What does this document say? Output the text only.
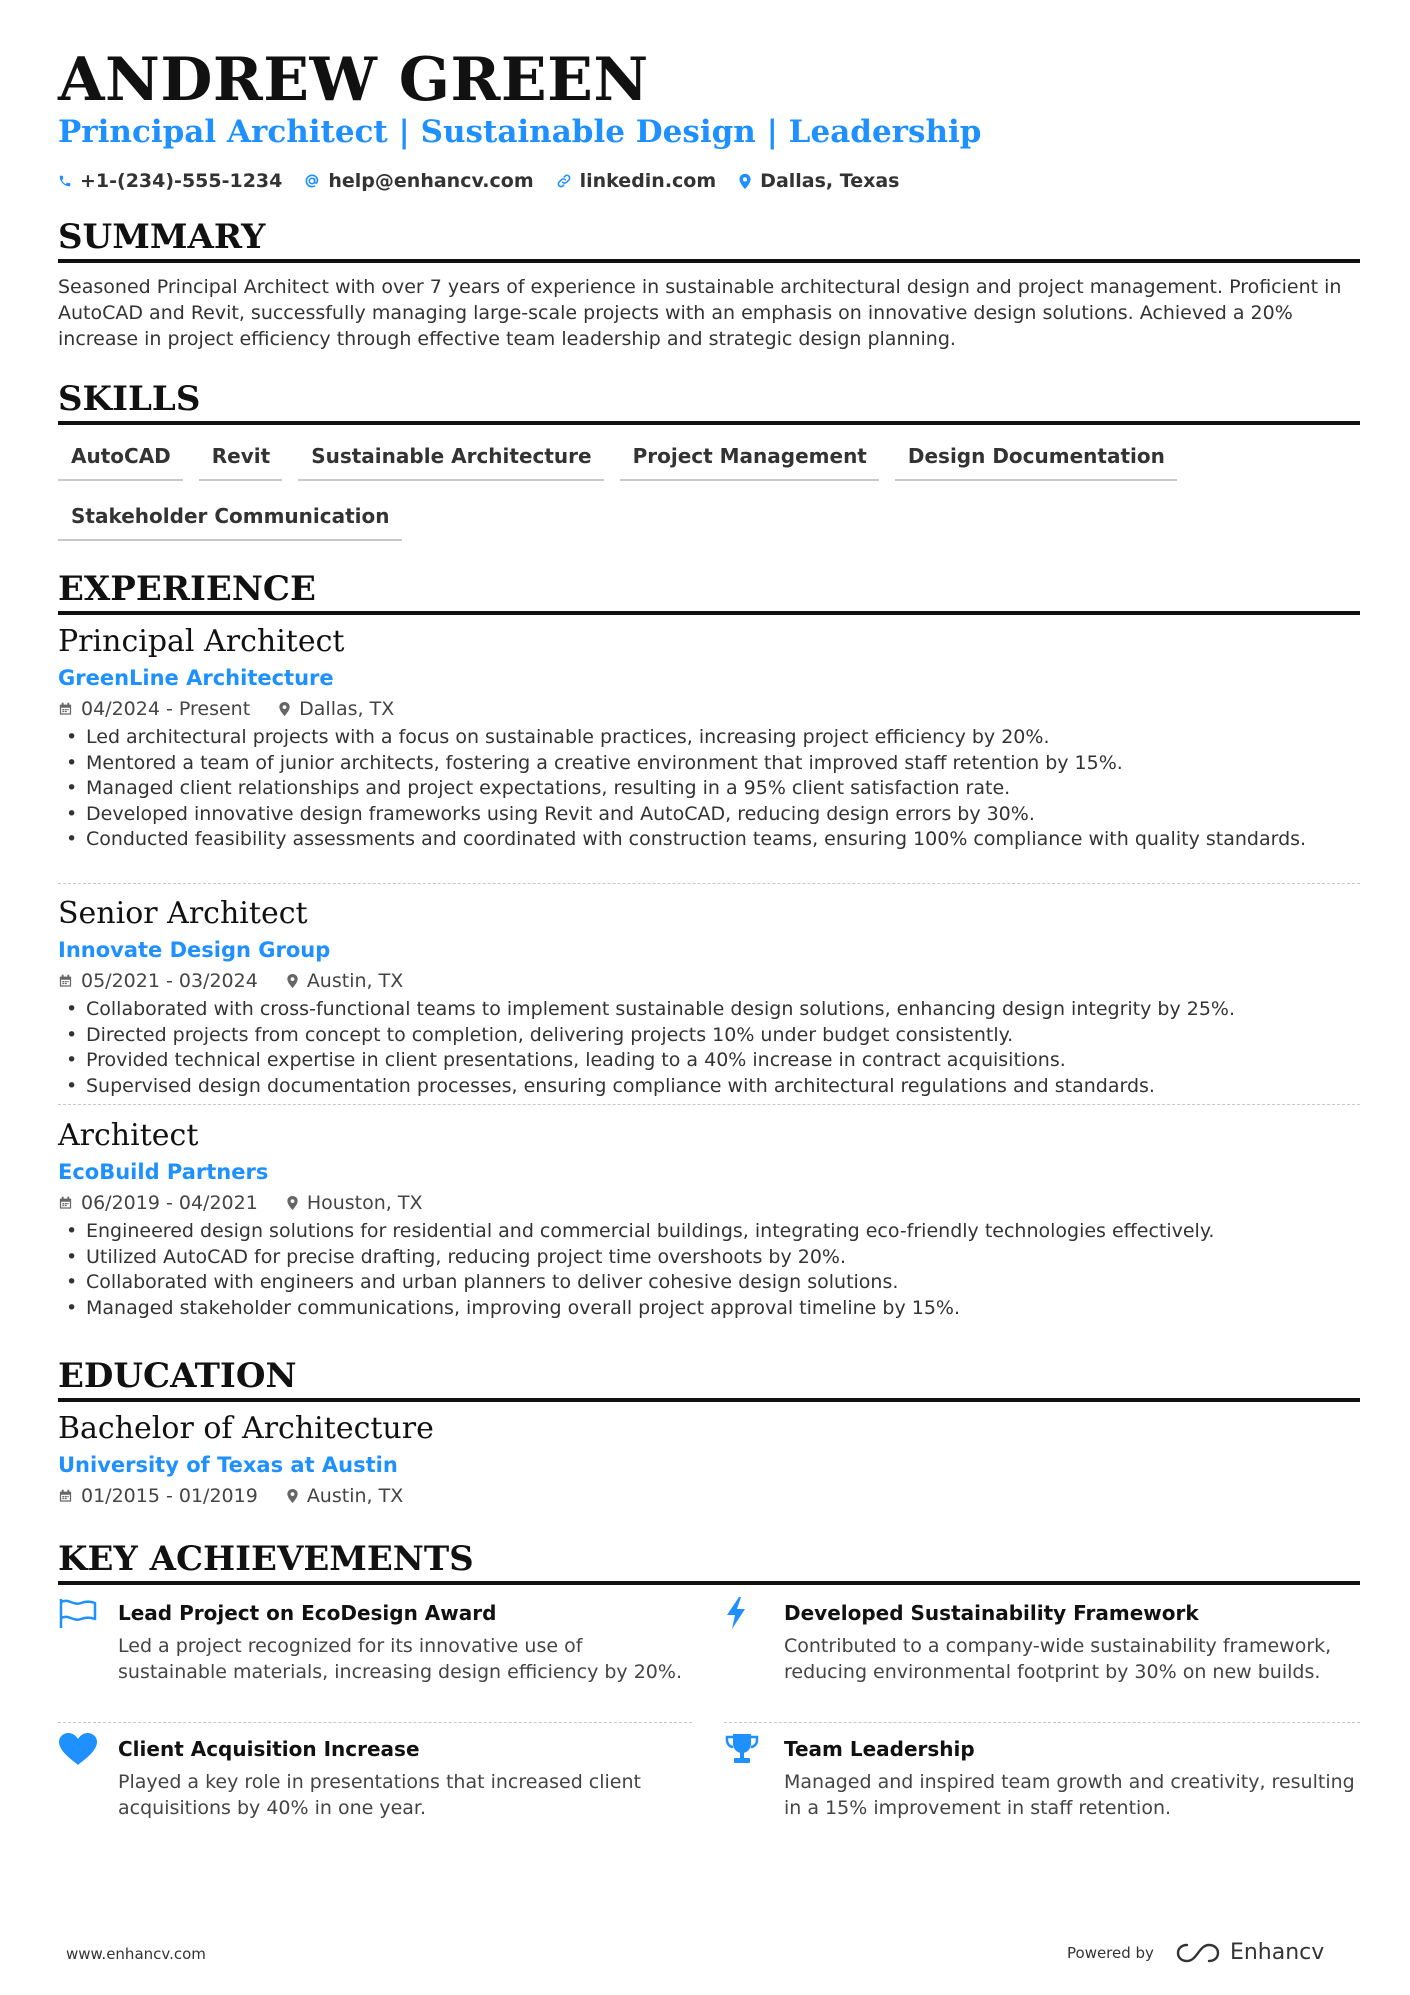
ANDREW GREEN
Principal Architect | Sustainable Design | Leadership
+1-(234)-555-1234 help@enhancv.com linkedin.com Dallas, Texas
SUMMARY
Seasoned Principal Architect with over 7 years of experience in sustainable architectural design and project management. Proficient in AutoCAD and Revit, successfully managing large-scale projects with an emphasis on innovative design solutions. Achieved a 20% increase in project efficiency through effective team leadership and strategic design planning.
SKILLS
AutoCAD	Revit	Sustainable Architecture	Project Management	Design Documentation
Stakeholder Communication
EXPERIENCE
Principal Architect
GreenLine Architecture
04/2024 - Present	Dallas, TX
• Led architectural projects with a focus on sustainable practices, increasing project efficiency by 20%.
• Mentored a team of junior architects, fostering a creative environment that improved staff retention by 15%.
• Managed client relationships and project expectations, resulting in a 95% client satisfaction rate.
• Developed innovative design frameworks using Revit and AutoCAD, reducing design errors by 30%.
• Conducted feasibility assessments and coordinated with construction teams, ensuring 100% compliance with quality standards.
Senior Architect
Innovate Design Group
05/2021 - 03/2024	Austin, TX
• Collaborated with cross-functional teams to implement sustainable design solutions, enhancing design integrity by 25%.
• Directed projects from concept to completion, delivering projects 10% under budget consistently.
• Provided technical expertise in client presentations, leading to a 40% increase in contract acquisitions.
• Supervised design documentation processes, ensuring compliance with architectural regulations and standards.
Architect
EcoBuild Partners
06/2019 - 04/2021	Houston, TX
• Engineered design solutions for residential and commercial buildings, integrating eco-friendly technologies effectively.
• Utilized AutoCAD for precise drafting, reducing project time overshoots by 20%.
• Collaborated with engineers and urban planners to deliver cohesive design solutions.
• Managed stakeholder communications, improving overall project approval timeline by 15%.
EDUCATION
Bachelor of Architecture
University of Texas at Austin
01/2015 - 01/2019	Austin, TX
KEY ACHIEVEMENTS
Lead Project on EcoDesign Award
Led a project recognized for its innovative use of sustainable materials, increasing design efficiency by 20%.
Developed Sustainability Framework
Contributed to a company-wide sustainability framework, reducing environmental footprint by 30% on new builds.
Client Acquisition Increase
Played a key role in presentations that increased client acquisitions by 40% in one year.
Team Leadership
Managed and inspired team growth and creativity, resulting in a 15% improvement in staff retention.
www.enhancv.com	Powered by	Enhancv
